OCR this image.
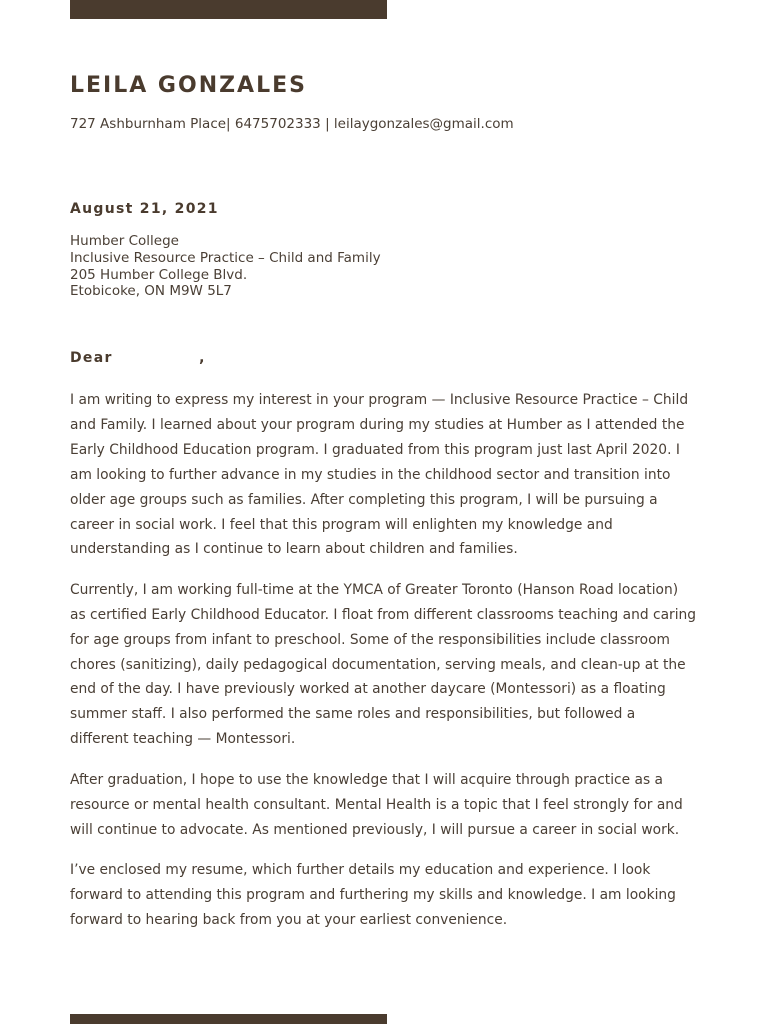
LEILA GONZALES
727 Ashburnham Place| 6475702333 | leilaygonzales@gmail.com
August 21, 2021
Humber College
Inclusive Resource Practice – Child and Family
205 Humber College Blvd.
Etobicoke, ON M9W 5L7
Dear              ,

I am writing to express my interest in your program — Inclusive Resource Practice – Child and Family. I learned about your program during my studies at Humber as I attended the Early Childhood Education program. I graduated from this program just last April 2020. I am looking to further advance in my studies in the childhood sector and transition into older age groups such as families. After completing this program, I will be pursuing a career in social work. I feel that this program will enlighten my knowledge and understanding as I continue to learn about children and families.

Currently, I am working full-time at the YMCA of Greater Toronto (Hanson Road location) as certified Early Childhood Educator. I float from different classrooms teaching and caring for age groups from infant to preschool. Some of the responsibilities include classroom chores (sanitizing), daily pedagogical documentation, serving meals, and clean-up at the end of the day. I have previously worked at another daycare (Montessori) as a floating summer staff. I also performed the same roles and responsibilities, but followed a different teaching — Montessori.

After graduation, I hope to use the knowledge that I will acquire through practice as a resource or mental health consultant. Mental Health is a topic that I feel strongly for and will continue to advocate. As mentioned previously, I will pursue a career in social work.

I’ve enclosed my resume, which further details my education and experience. I look forward to attending this program and furthering my skills and knowledge. I am looking forward to hearing back from you at your earliest convenience.
